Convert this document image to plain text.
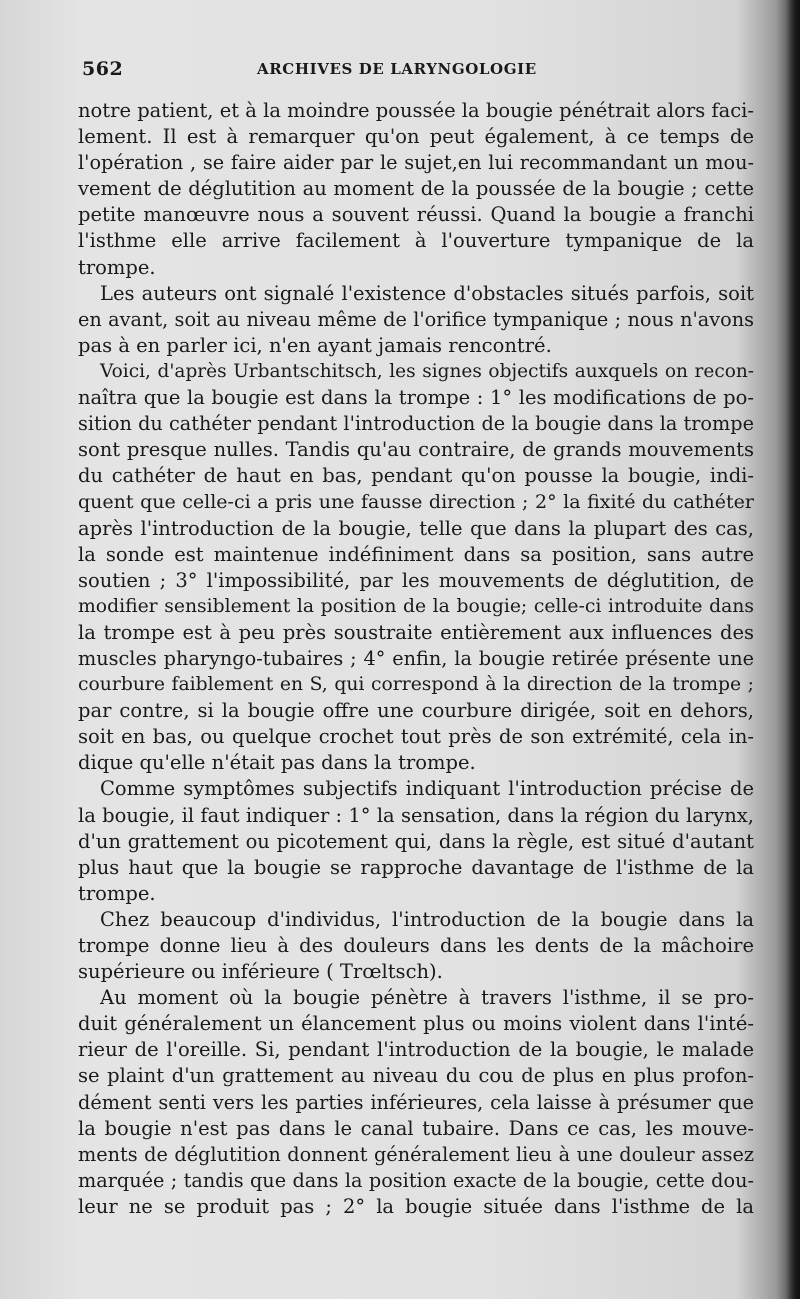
562	ARCHIVES DE LARYNGOLOGIE
notre patient, et à la moindre poussée la bougie pénétrait alors faci-
lement. Il est à remarquer qu'on peut également, à ce temps de
l'opération , se faire aider par le sujet,en lui recommandant un mou-
vement de déglutition au moment de la poussée de la bougie ; cette
petite manœuvre nous a souvent réussi. Quand la bougie a franchi
l'isthme elle arrive facilement à l'ouverture tympanique de la
trompe.
Les auteurs ont signalé l'existence d'obstacles situés parfois, soit
en avant, soit au niveau même de l'orifice tympanique ; nous n'avons
pas à en parler ici, n'en ayant jamais rencontré.
Voici, d'après Urbantschitsch, les signes objectifs auxquels on recon-
naîtra que la bougie est dans la trompe : 1° les modifications de po-
sition du cathéter pendant l'introduction de la bougie dans la trompe
sont presque nulles. Tandis qu'au contraire, de grands mouvements
du cathéter de haut en bas, pendant qu'on pousse la bougie, indi-
quent que celle-ci a pris une fausse direction ; 2° la fixité du cathéter
après l'introduction de la bougie, telle que dans la plupart des cas,
la sonde est maintenue indéfiniment dans sa position, sans autre
soutien ; 3° l'impossibilité, par les mouvements de déglutition, de
modifier sensiblement la position de la bougie; celle-ci introduite dans
la trompe est à peu près soustraite entièrement aux influences des
muscles pharyngo-tubaires ; 4° enfin, la bougie retirée présente une
courbure faiblement en S, qui correspond à la direction de la trompe ;
par contre, si la bougie offre une courbure dirigée, soit en dehors,
soit en bas, ou quelque crochet tout près de son extrémité, cela in-
dique qu'elle n'était pas dans la trompe.
Comme symptômes subjectifs indiquant l'introduction précise de
la bougie, il faut indiquer : 1° la sensation, dans la région du larynx,
d'un grattement ou picotement qui, dans la règle, est situé d'autant
plus haut que la bougie se rapproche davantage de l'isthme de la
trompe.
Chez beaucoup d'individus, l'introduction de la bougie dans la
trompe donne lieu à des douleurs dans les dents de la mâchoire
supérieure ou inférieure ( Trœltsch).
Au moment où la bougie pénètre à travers l'isthme, il se pro-
duit généralement un élancement plus ou moins violent dans l'inté-
rieur de l'oreille. Si, pendant l'introduction de la bougie, le malade
se plaint d'un grattement au niveau du cou de plus en plus profon-
dément senti vers les parties inférieures, cela laisse à présumer que
la bougie n'est pas dans le canal tubaire. Dans ce cas, les mouve-
ments de déglutition donnent généralement lieu à une douleur assez
marquée ; tandis que dans la position exacte de la bougie, cette dou-
leur ne se produit pas ; 2° la bougie située dans l'isthme de la
